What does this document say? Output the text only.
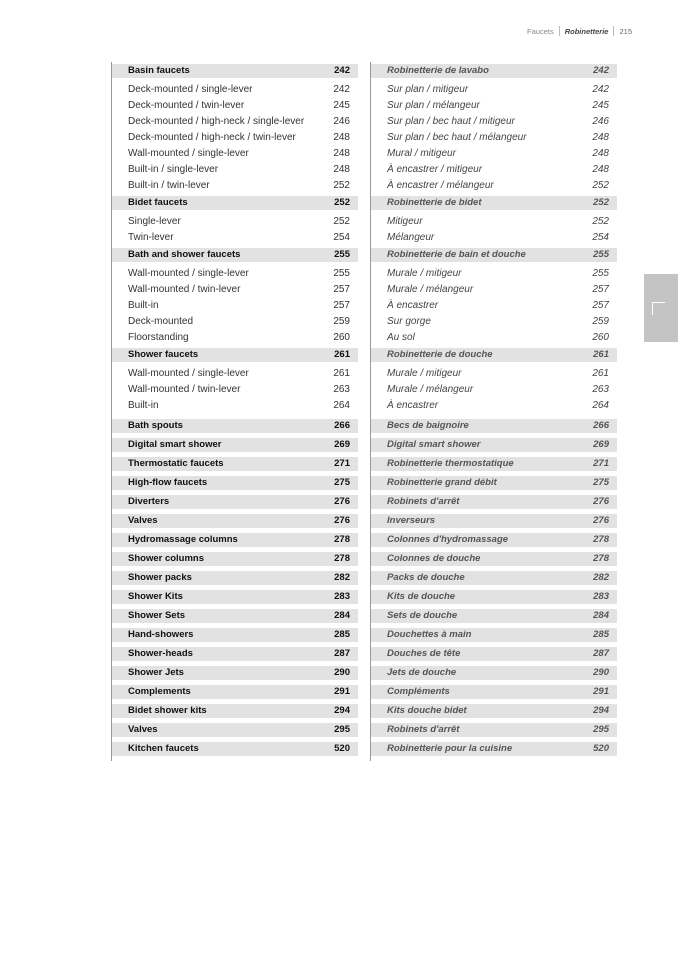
Faucets Robinetterie 215
Basin faucets	242
Deck-mounted / single-lever	242
Deck-mounted / twin-lever	245
Deck-mounted / high-neck / single-lever	246
Deck-mounted / high-neck / twin-lever	248
Wall-mounted / single-lever	248
Built-in / single-lever	248
Built-in / twin-lever	252
Bidet faucets	252
Single-lever	252
Twin-lever	254
Bath and shower faucets	255
Wall-mounted / single-lever	255
Wall-mounted / twin-lever	257
Built-in	257
Deck-mounted	259
Floorstanding	260
Shower faucets	261
Wall-mounted / single-lever	261
Wall-mounted / twin-lever	263
Built-in	264
Bath spouts	266
Digital smart shower	269
Thermostatic faucets	271
High-flow faucets	275
Diverters	276
Valves	276
Hydromassage columns	278
Shower columns	278
Shower packs	282
Shower Kits	283
Shower Sets	284
Hand-showers	285
Shower-heads	287
Shower Jets	290
Complements	291
Bidet shower kits	294
Valves	295
Kitchen faucets	520
Robinetterie de lavabo	242
Sur plan / mitigeur	242
Sur plan / mélangeur	245
Sur plan / bec haut / mitigeur	246
Sur plan / bec haut / mélangeur	248
Mural / mitigeur	248
À encastrer / mitigeur	248
À encastrer / mélangeur	252
Robinetterie de bidet	252
Mitigeur	252
Mélangeur	254
Robinetterie de bain et douche	255
Murale / mitigeur	255
Murale / mélangeur	257
À encastrer	257
Sur gorge	259
Au sol	260
Robinetterie de douche	261
Murale / mitigeur	261
Murale / mélangeur	263
À encastrer	264
Becs de baignoire	266
Digital smart shower	269
Robinetterie thermostatique	271
Robinetterie grand débit	275
Robinets d'arrêt	276
Inverseurs	276
Colonnes d'hydromassage	278
Colonnes de douche	278
Packs de douche	282
Kits de douche	283
Sets de douche	284
Douchettes à main	285
Douches de tête	287
Jets de douche	290
Compléments	291
Kits douche bidet	294
Robinets d'arrêt	295
Robinetterie pour la cuisine	520
